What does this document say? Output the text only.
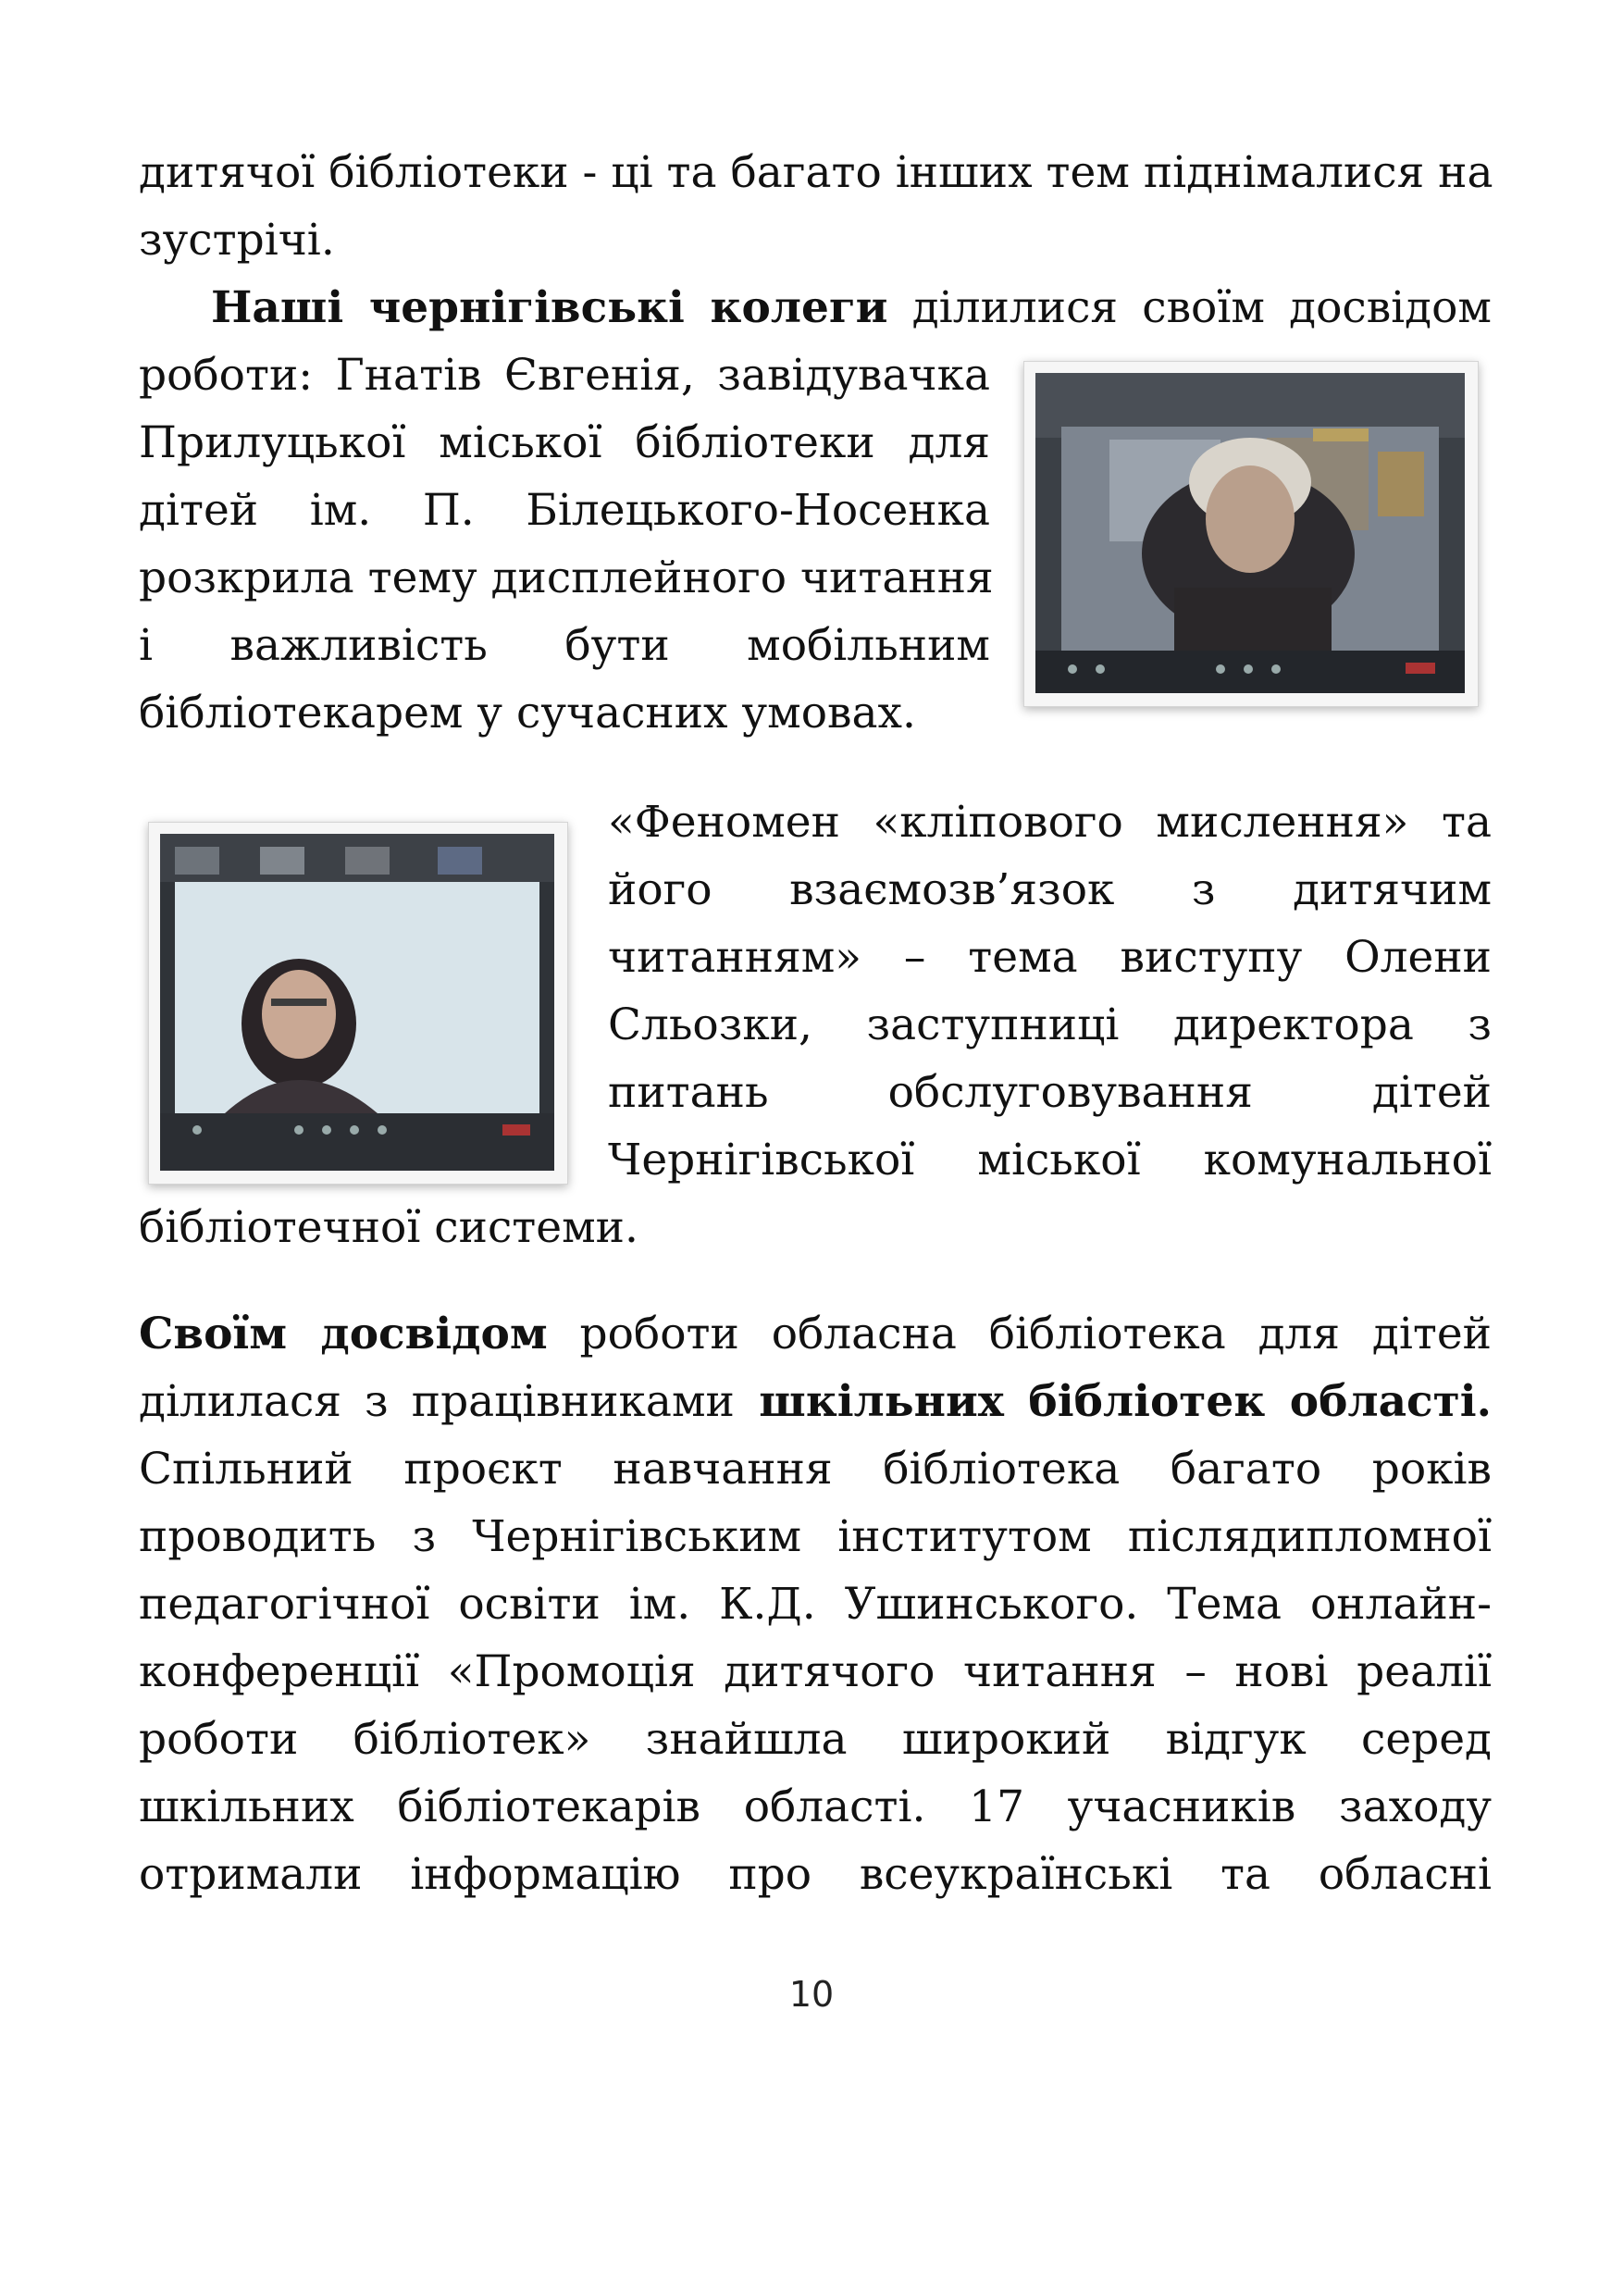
дитячої бібліотеки - ці та багато інших тем піднімалися на
зустрічі.
Наші чернігівські колеги ділилися своїм досвідом
роботи: Гнатів Євгенія, завідувачка
Прилуцької міської бібліотеки для
дітей ім. П. Білецького-Носенка
розкрила тему дисплейного читання
і важливість бути мобільним
бібліотекарем у сучасних умовах.
«Феномен «кліпового мислення» та
його взаємозв’язок з дитячим
читанням» – тема виступу Олени
Сльозки, заступниці директора з
питань обслуговування дітей
Чернігівської міської комунальної
бібліотечної системи.
Своїм досвідом роботи обласна бібліотека для дітей
ділилася з працівниками шкільних бібліотек області.
Спільний проєкт навчання бібліотека багато років
проводить з Чернігівським інститутом післядипломної
педагогічної освіти ім. К.Д. Ушинського. Тема онлайн-
конференції «Промоція дитячого читання – нові реалії
роботи бібліотек» знайшла широкий відгук серед
шкільних бібліотекарів області. 17 учасників заходу
отримали інформацію про всеукраїнські та обласні
10
